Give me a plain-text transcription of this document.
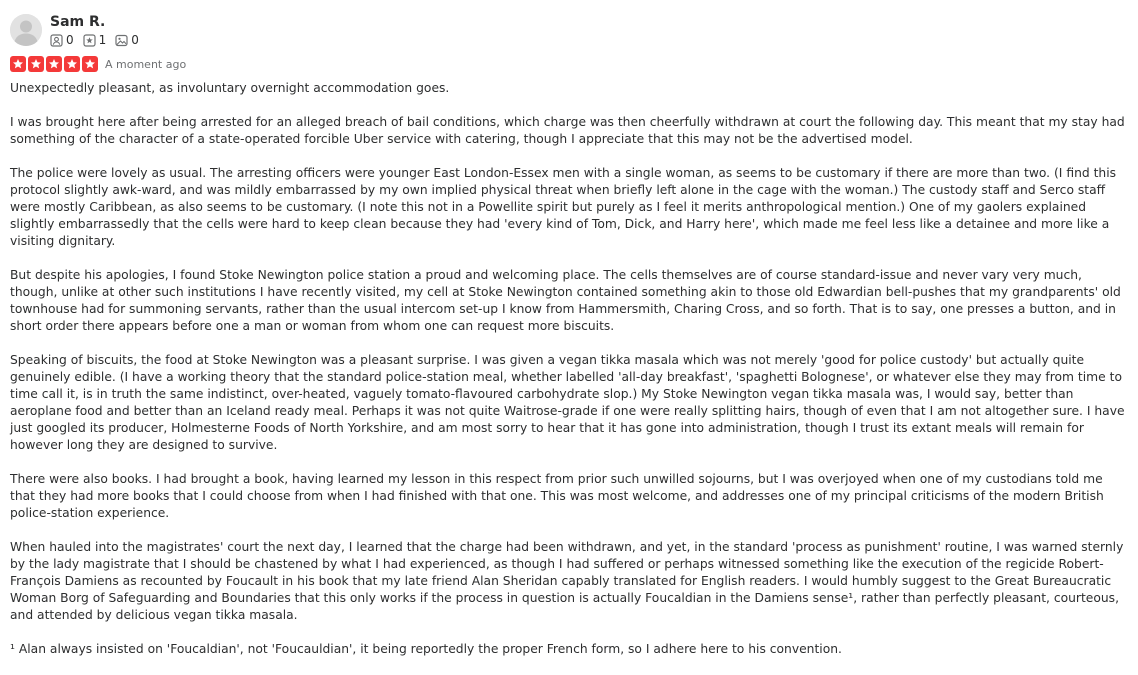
Sam R.
0 1 0
A moment ago

Unexpectedly pleasant, as involuntary overnight accommodation goes.

I was brought here after being arrested for an alleged breach of bail conditions, which charge was then cheerfully withdrawn at court the following day. This meant that my stay had something of the character of a state-operated forcible Uber service with catering, though I appreciate that this may not be the advertised model.

The police were lovely as usual. The arresting officers were younger East London-Essex men with a single woman, as seems to be customary if there are more than two. (I find this protocol slightly awk-ward, and was mildly embarrassed by my own implied physical threat when briefly left alone in the cage with the woman.) The custody staff and Serco staff were mostly Caribbean, as also seems to be customary. (I note this not in a Powellite spirit but purely as I feel it merits anthropological mention.) One of my gaolers explained slightly embarrassedly that the cells were hard to keep clean because they had 'every kind of Tom, Dick, and Harry here', which made me feel less like a detainee and more like a visiting dignitary.

But despite his apologies, I found Stoke Newington police station a proud and welcoming place. The cells themselves are of course standard-issue and never vary very much, though, unlike at other such institutions I have recently visited, my cell at Stoke Newington contained something akin to those old Edwardian bell-pushes that my grandparents' old townhouse had for summoning servants, rather than the usual intercom set-up I know from Hammersmith, Charing Cross, and so forth. That is to say, one presses a button, and in short order there appears before one a man or woman from whom one can request more biscuits.

Speaking of biscuits, the food at Stoke Newington was a pleasant surprise. I was given a vegan tikka masala which was not merely 'good for police custody' but actually quite genuinely edible. (I have a working theory that the standard police-station meal, whether labelled 'all-day breakfast', 'spaghetti Bolognese', or whatever else they may from time to time call it, is in truth the same indistinct, over-heated, vaguely tomato-flavoured carbohydrate slop.) My Stoke Newington vegan tikka masala was, I would say, better than aeroplane food and better than an Iceland ready meal. Perhaps it was not quite Waitrose-grade if one were really splitting hairs, though of even that I am not altogether sure. I have just googled its producer, Holmesterne Foods of North Yorkshire, and am most sorry to hear that it has gone into administration, though I trust its extant meals will remain for however long they are designed to survive.

There were also books. I had brought a book, having learned my lesson in this respect from prior such unwilled sojourns, but I was overjoyed when one of my custodians told me that they had more books that I could choose from when I had finished with that one. This was most welcome, and addresses one of my principal criticisms of the modern British police-station experience.

When hauled into the magistrates' court the next day, I learned that the charge had been withdrawn, and yet, in the standard 'process as punishment' routine, I was warned sternly by the lady magistrate that I should be chastened by what I had experienced, as though I had suffered or perhaps witnessed something like the execution of the regicide Robert-François Damiens as recounted by Foucault in his book that my late friend Alan Sheridan capably translated for English readers. I would humbly suggest to the Great Bureaucratic Woman Borg of Safeguarding and Boundaries that this only works if the process in question is actually Foucaldian in the Damiens sense¹, rather than perfectly pleasant, courteous, and attended by delicious vegan tikka masala.

¹ Alan always insisted on 'Foucaldian', not 'Foucauldian', it being reportedly the proper French form, so I adhere here to his convention.
